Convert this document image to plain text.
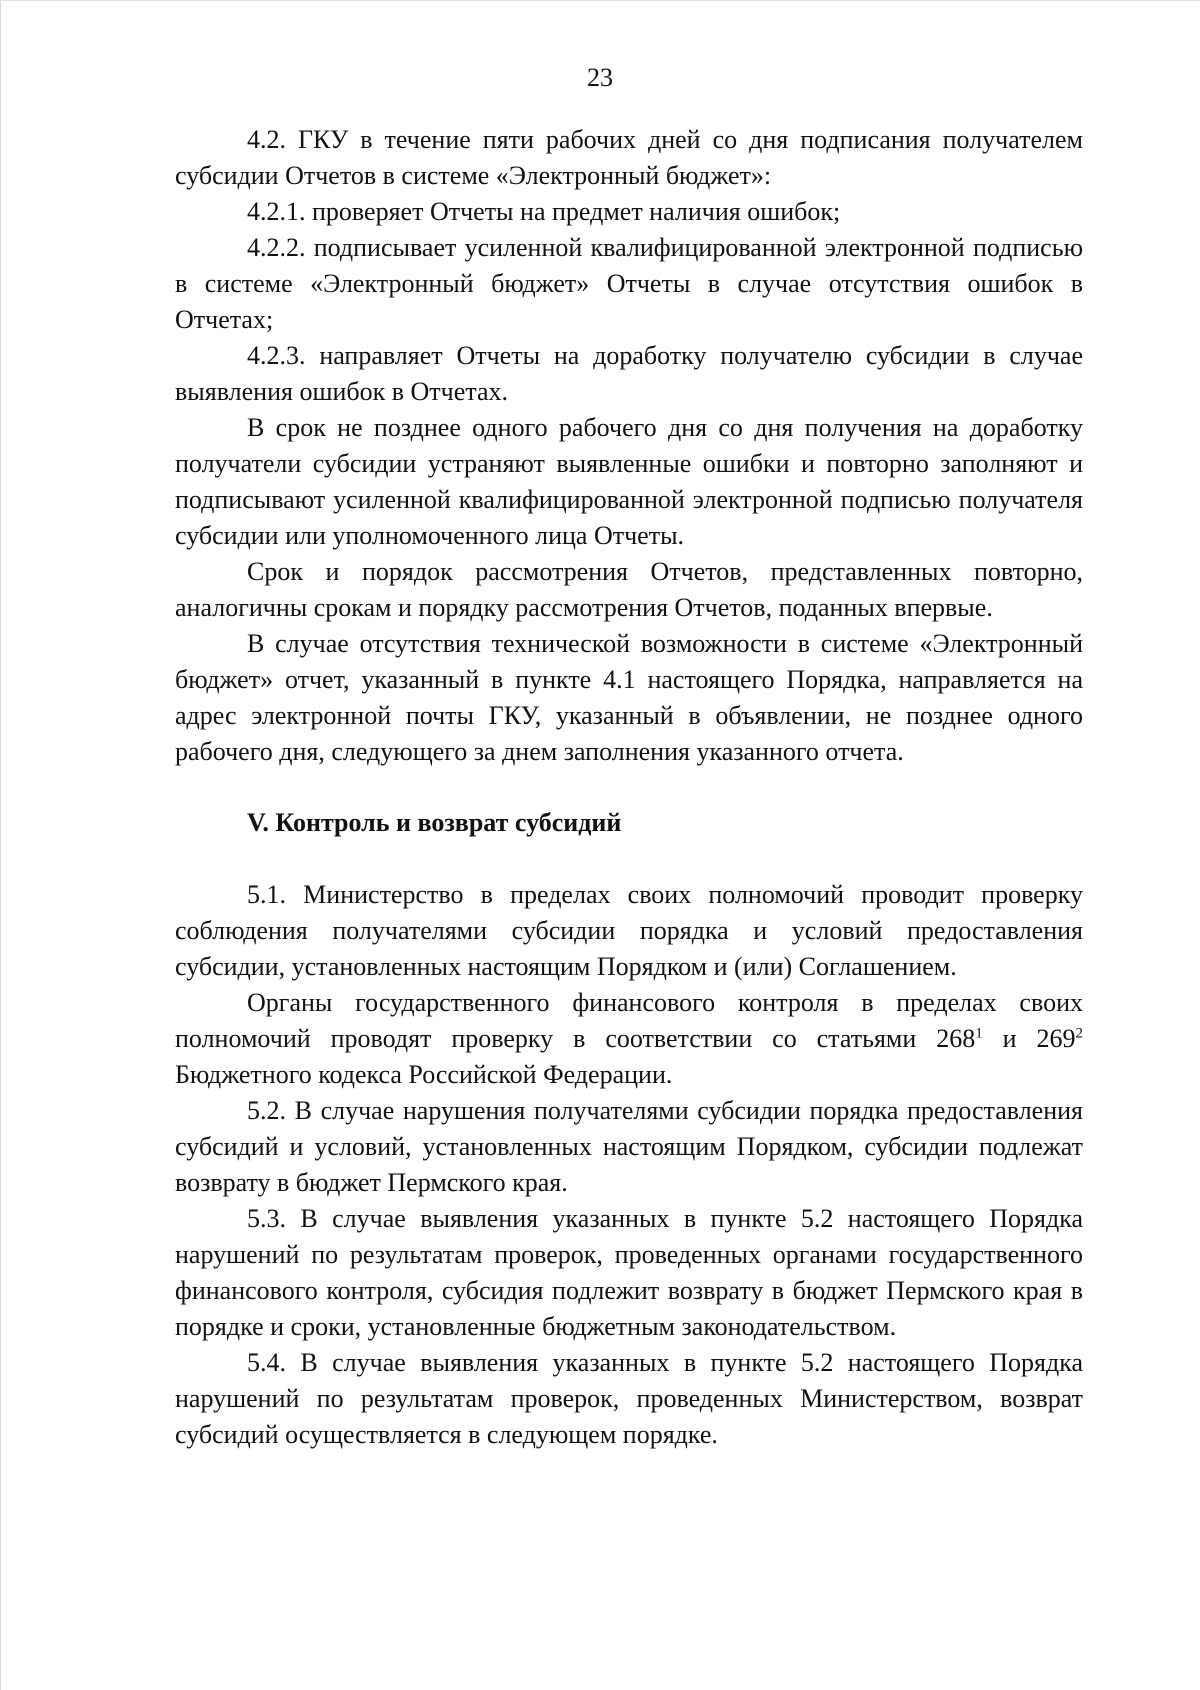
23

4.2. ГКУ в течение пяти рабочих дней со дня подписания получателем субсидии Отчетов в системе «Электронный бюджет»:

4.2.1. проверяет Отчеты на предмет наличия ошибок;

4.2.2. подписывает усиленной квалифицированной электронной подписью в системе «Электронный бюджет» Отчеты в случае отсутствия ошибок в Отчетах;

4.2.3. направляет Отчеты на доработку получателю субсидии в случае выявления ошибок в Отчетах.

В срок не позднее одного рабочего дня со дня получения на доработку получатели субсидии устраняют выявленные ошибки и повторно заполняют и подписывают усиленной квалифицированной электронной подписью получателя субсидии или уполномоченного лица Отчеты.

Срок и порядок рассмотрения Отчетов, представленных повторно, аналогичны срокам и порядку рассмотрения Отчетов, поданных впервые.

В случае отсутствия технической возможности в системе «Электронный бюджет» отчет, указанный в пункте 4.1 настоящего Порядка, направляется на адрес электронной почты ГКУ, указанный в объявлении, не позднее одного рабочего дня, следующего за днем заполнения указанного отчета.

V. Контроль и возврат субсидий

5.1. Министерство в пределах своих полномочий проводит проверку соблюдения получателями субсидии порядка и условий предоставления субсидии, установленных настоящим Порядком и (или) Соглашением.

Органы государственного финансового контроля в пределах своих полномочий проводят проверку в соответствии со статьями $268^1$ и $269^2$ Бюджетного кодекса Российской Федерации.

5.2. В случае нарушения получателями субсидии порядка предоставления субсидий и условий, установленных настоящим Порядком, субсидии подлежат возврату в бюджет Пермского края.

5.3. В случае выявления указанных в пункте 5.2 настоящего Порядка нарушений по результатам проверок, проведенных органами государственного финансового контроля, субсидия подлежит возврату в бюджет Пермского края в порядке и сроки, установленные бюджетным законодательством.

5.4. В случае выявления указанных в пункте 5.2 настоящего Порядка нарушений по результатам проверок, проведенных Министерством, возврат субсидий осуществляется в следующем порядке.
